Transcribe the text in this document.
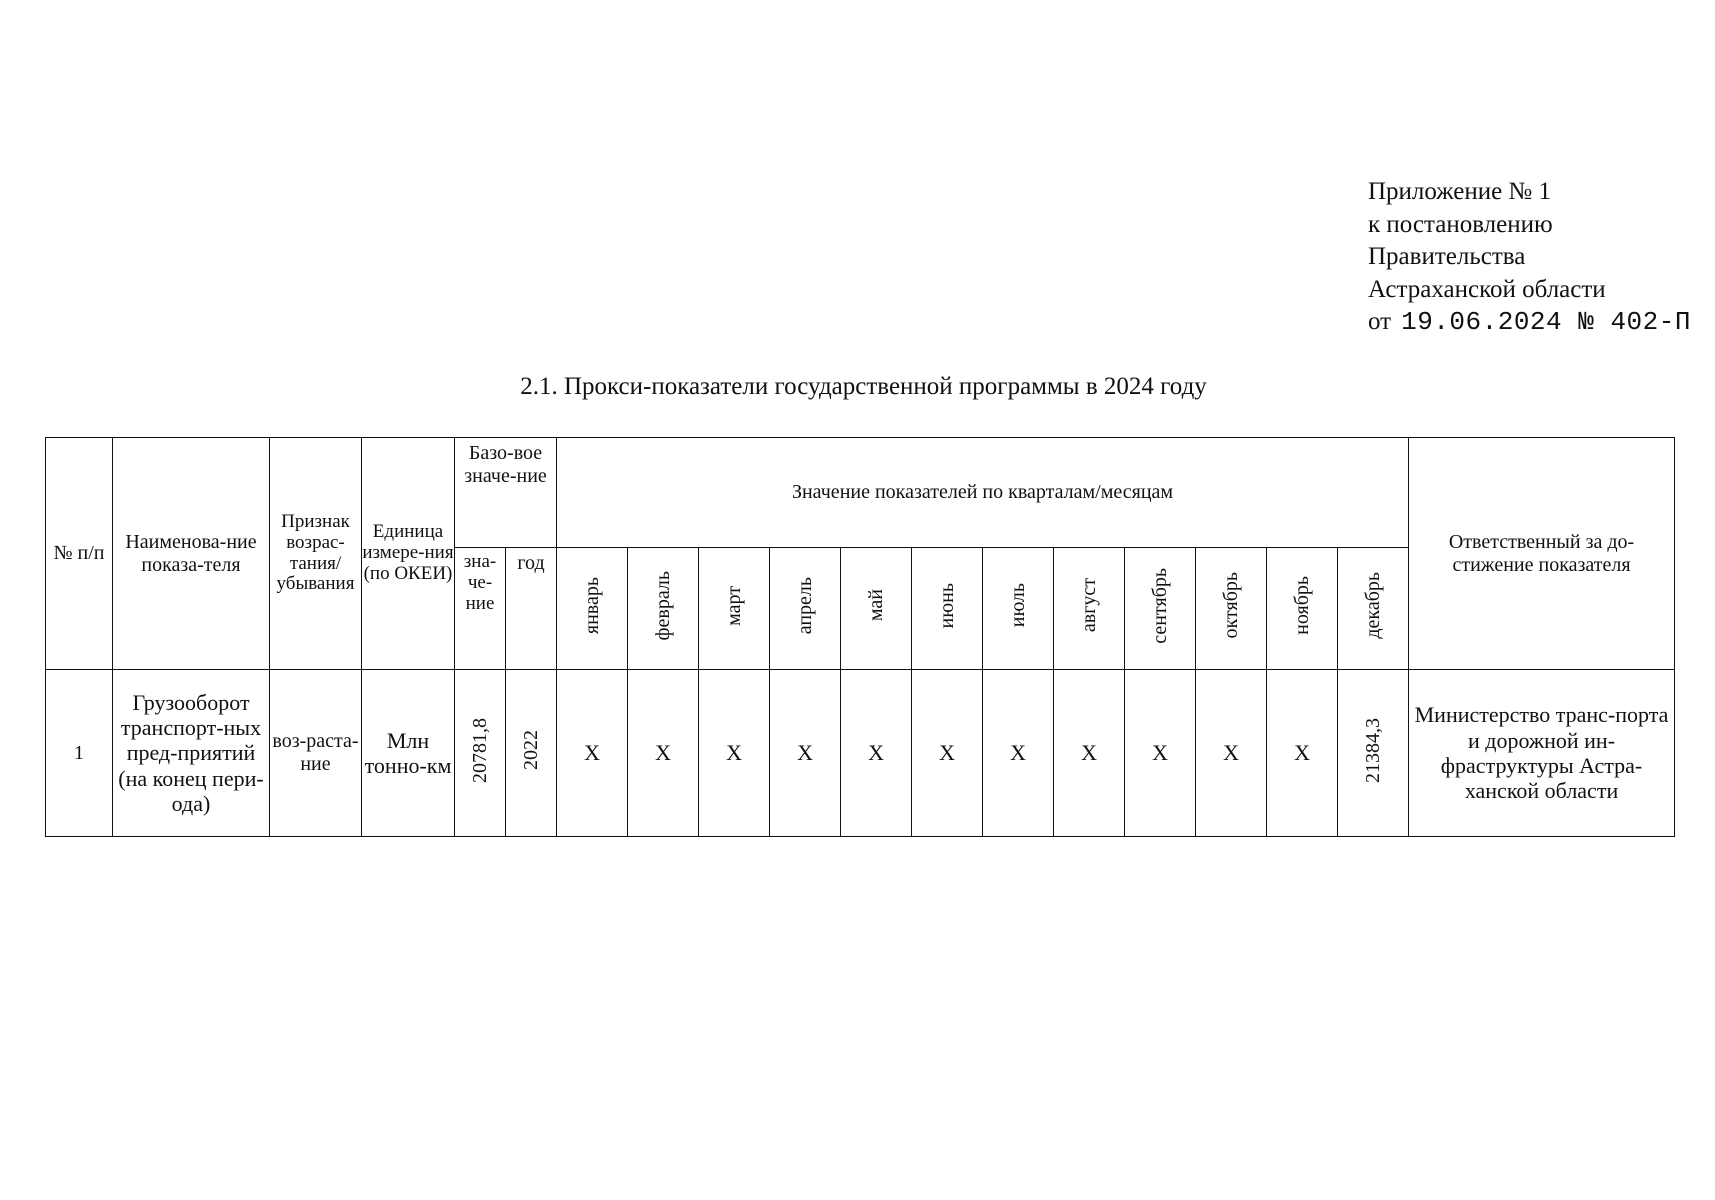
Приложение № 1
к постановлению
Правительства
Астраханской области
от 19.06.2024 № 402-П
2.1. Прокси-показатели государственной программы в 2024 году
№ п/п	Наименова-ние показа-теля	Признак возрас-тания/ убывания	Единица измере-ния (по ОКЕИ)	Базо-вое значе-ние		Значение показателей по кварталам/месяцам												Ответственный за до-стижение показателя
				зна-че-ние	год	январь	февраль	март	апрель	май	июнь	июль	август	сентябрь	октябрь	ноябрь	декабрь	
1	Грузооборот транспорт-ных пред-приятий (на конец пери-ода)	воз-раста-ние	Млн тонно-км	20781,8	2022	X	X	X	X	X	X	X	X	X	X	X	21384,3	Министерство транс-порта и дорожной ин-фраструктуры Астра-ханской области
